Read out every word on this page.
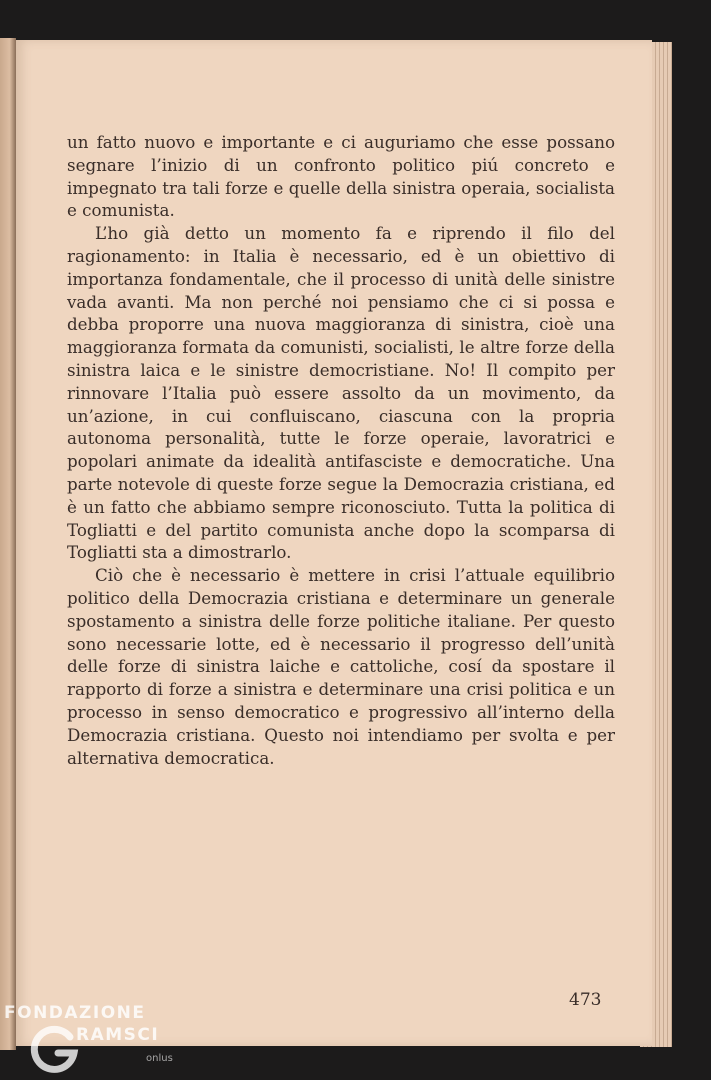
un fatto nuovo e importante e ci auguriamo che esse possano segnare l’inizio di un confronto politico piú concreto e impegnato tra tali forze e quelle della sinistra operaia, socialista e comunista.

L’ho già detto un momento fa e riprendo il filo del ragionamento: in Italia è necessario, ed è un obiettivo di importanza fondamentale, che il processo di unità delle sinistre vada avanti. Ma non perché noi pensiamo che ci si possa e debba proporre una nuova maggioranza di sinistra, cioè una maggioranza formata da comunisti, socialisti, le altre forze della sinistra laica e le sinistre democristiane. No! Il compito per rinnovare l’Italia può essere assolto da un movimento, da un’azione, in cui confluiscano, ciascuna con la propria autonoma personalità, tutte le forze operaie, lavoratrici e popolari animate da idealità antifasciste e democratiche. Una parte notevole di queste forze segue la Democrazia cristiana, ed è un fatto che abbiamo sempre riconosciuto. Tutta la politica di Togliatti e del partito comunista anche dopo la scomparsa di Togliatti sta a dimostrarlo.

Ciò che è necessario è mettere in crisi l’attuale equilibrio politico della Democrazia cristiana e determinare un generale spostamento a sinistra delle forze politiche italiane. Per questo sono necessarie lotte, ed è necessario il progresso dell’unità delle forze di sinistra laiche e cattoliche, cosí da spostare il rapporto di forze a sinistra e determinare una crisi politica e un processo in senso democratico e progressivo all’interno della Democrazia cristiana. Questo noi intendiamo per svolta e per alternativa democratica.

473
FONDAZIONE
RAMSCI
onlus
